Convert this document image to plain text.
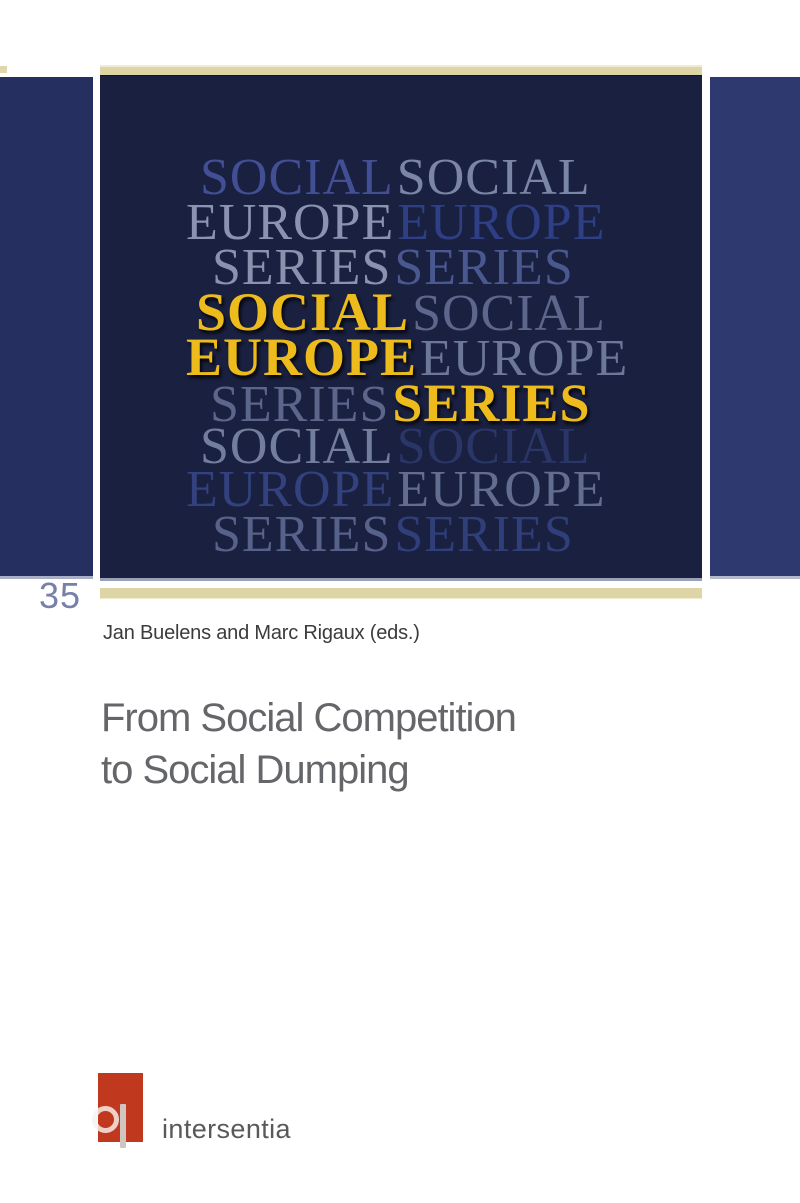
35
SOCIALSOCIAL
EUROPEEUROPE
SERIESSERIES
SOCIALSOCIAL
EUROPEEUROPE
SERIESSERIES
SOCIALSOCIAL
EUROPEEUROPE
SERIESSERIES
Jan Buelens and Marc Rigaux (eds.)
From Social Competition
to Social Dumping
intersentia
